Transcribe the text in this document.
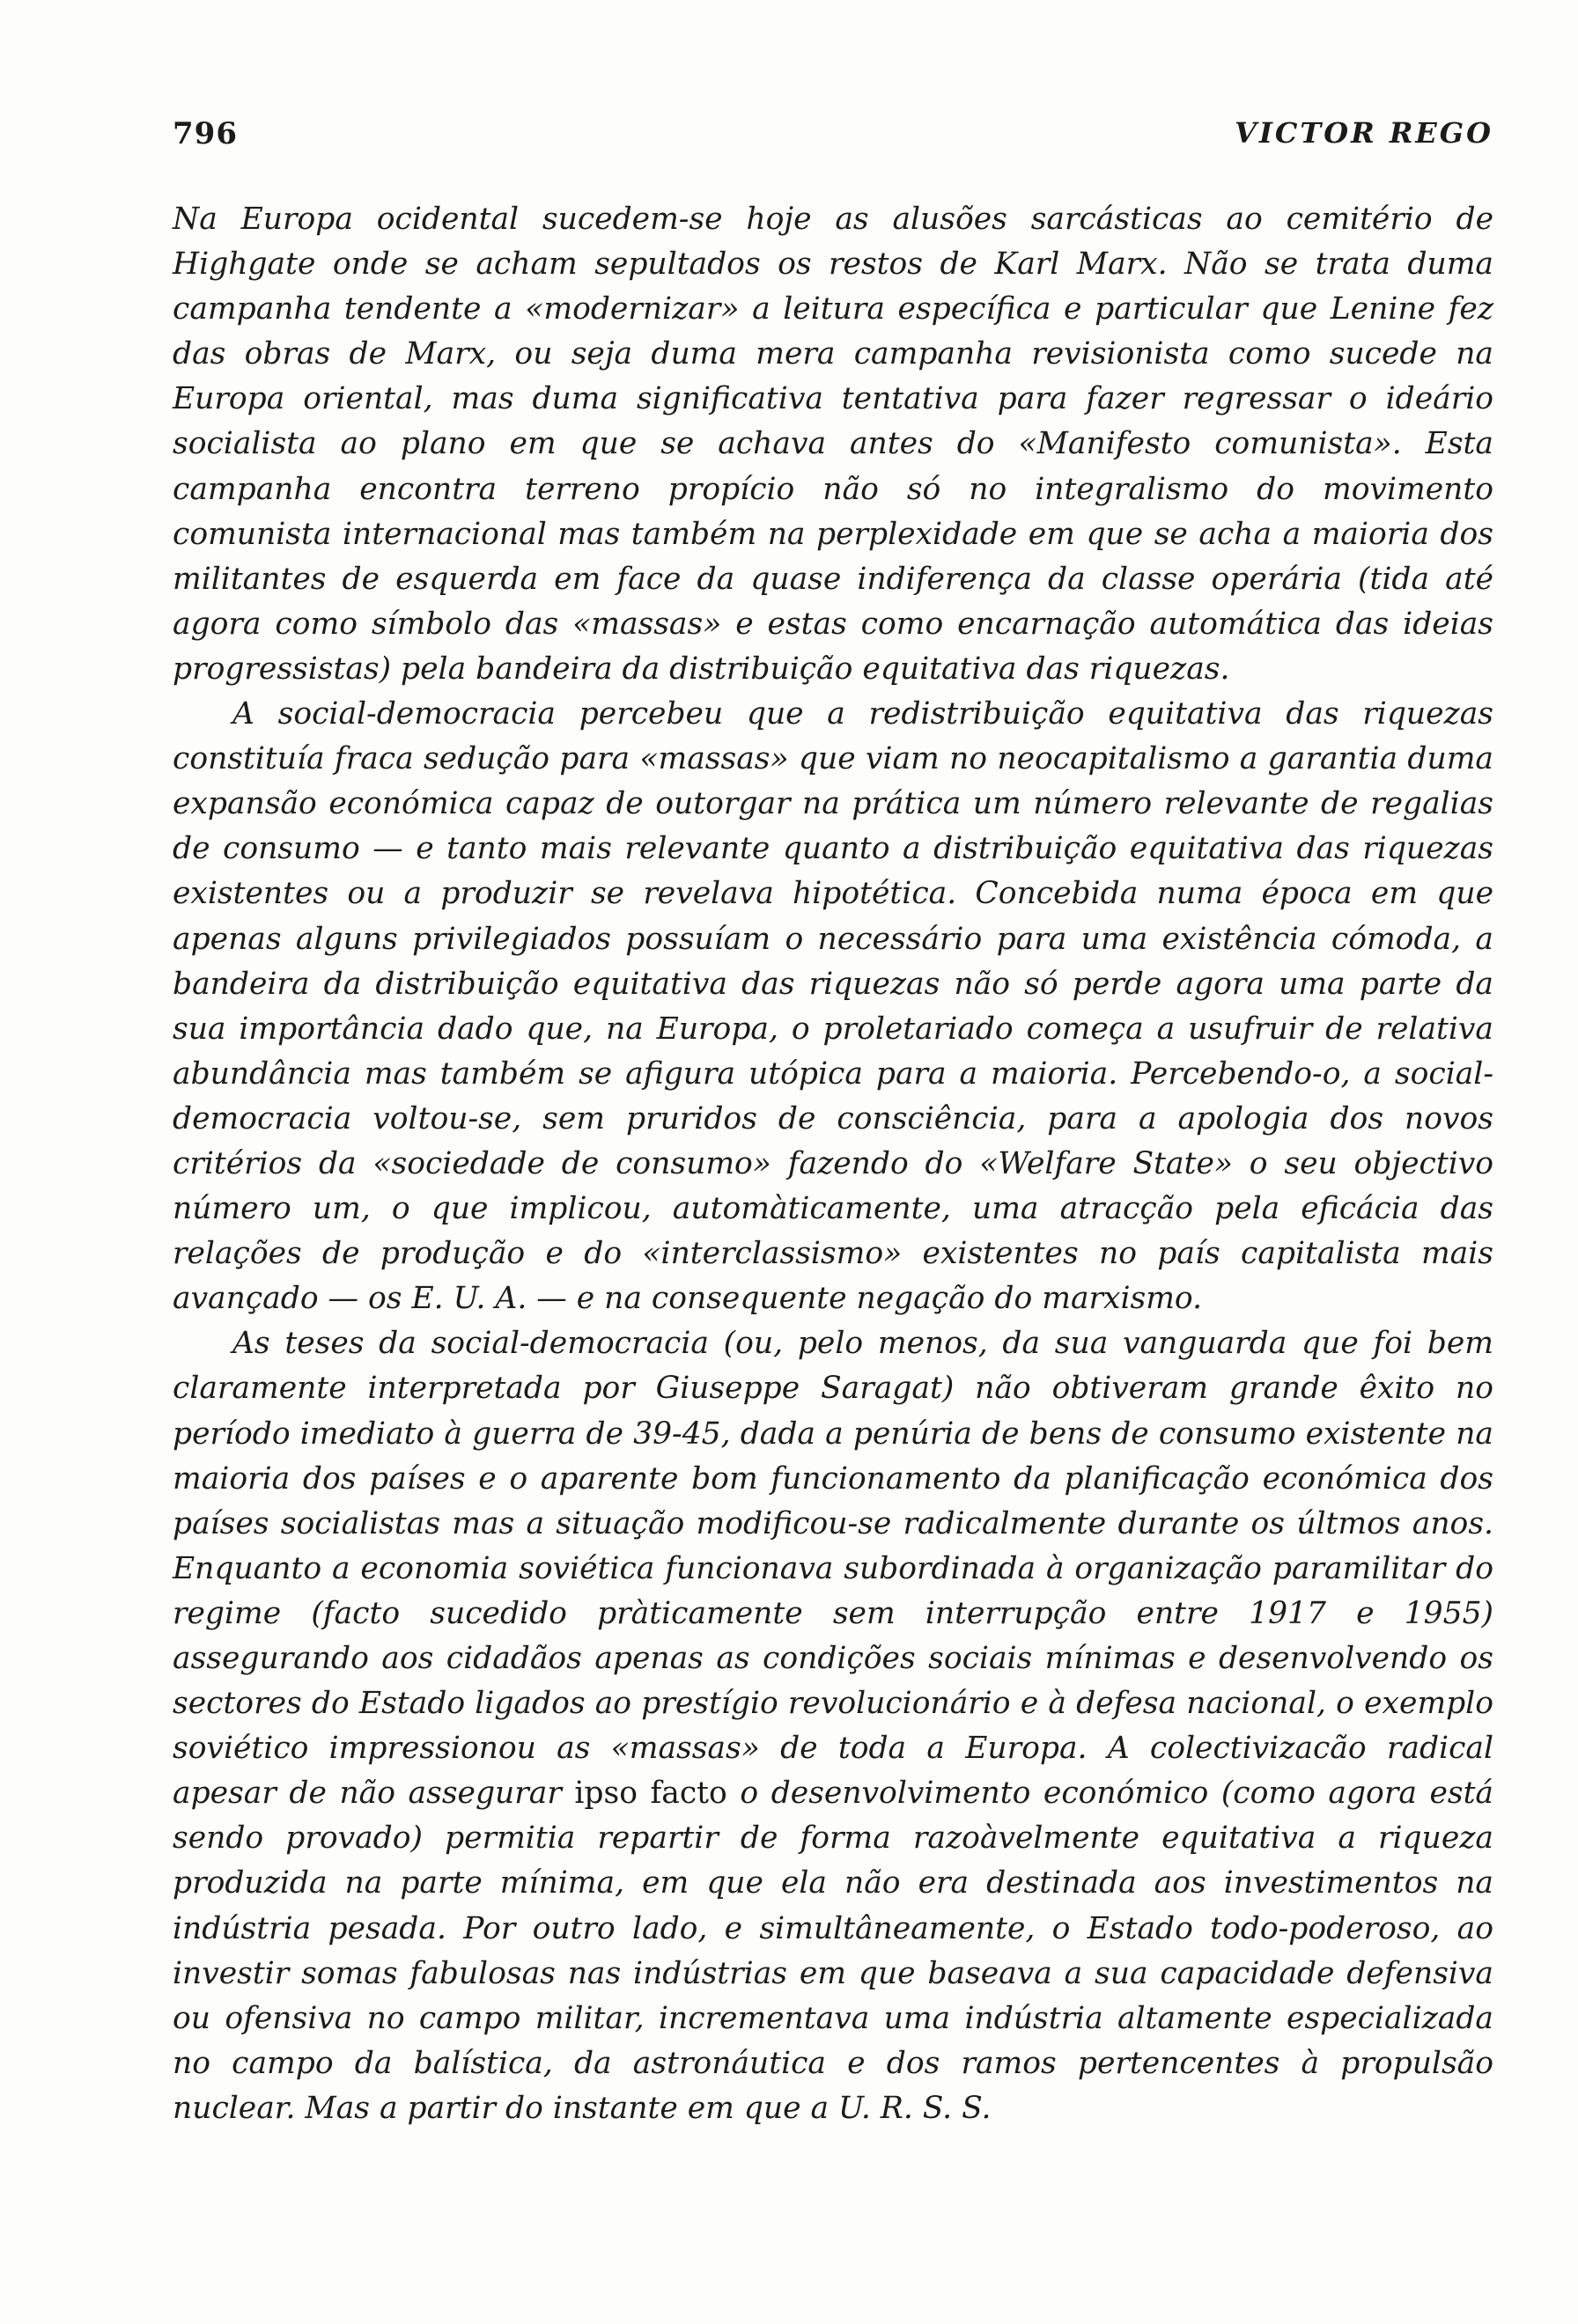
796	VICTOR REGO

Na Europa ocidental sucedem-se hoje as alusões sarcásticas ao cemitério de Highgate onde se acham sepultados os restos de Karl Marx. Não se trata duma campanha tendente a «modernizar» a leitura específica e particular que Lenine fez das obras de Marx, ou seja duma mera campanha revisionista como sucede na Europa oriental, mas duma significativa tentativa para fazer regressar o ideário socialista ao plano em que se achava antes do «Manifesto comunista». Esta campanha encontra terreno propício não só no integralismo do movimento comunista internacional mas também na perplexidade em que se acha a maioria dos militantes de esquerda em face da quase indiferença da classe operária (tida até agora como símbolo das «massas» e estas como encarnação automática das ideias progressistas) pela bandeira da distribuição equitativa das riquezas.

A social-democracia percebeu que a redistribuição equitativa das riquezas constituía fraca sedução para «massas» que viam no neocapitalismo a garantia duma expansão económica capaz de outorgar na prática um número relevante de regalias de consumo — e tanto mais relevante quanto a distribuição equitativa das riquezas existentes ou a produzir se revelava hipotética. Concebida numa época em que apenas alguns privilegiados possuíam o necessário para uma existência cómoda, a bandeira da distribuição equitativa das riquezas não só perde agora uma parte da sua importância dado que, na Europa, o proletariado começa a usufruir de relativa abundância mas também se afigura utópica para a maioria. Percebendo-o, a social-democracia voltou-se, sem pruridos de consciência, para a apologia dos novos critérios da «sociedade de consumo» fazendo do «Welfare State» o seu objectivo número um, o que implicou, automàticamente, uma atracção pela eficácia das relações de produção e do «interclassismo» existentes no país capitalista mais avançado — os E. U. A. — e na consequente negação do marxismo.

As teses da social-democracia (ou, pelo menos, da sua vanguarda que foi bem claramente interpretada por Giuseppe Saragat) não obtiveram grande êxito no período imediato à guerra de 39-45, dada a penúria de bens de consumo existente na maioria dos países e o aparente bom funcionamento da planificação económica dos países socialistas mas a situação modificou-se radicalmente durante os últmos anos. Enquanto a economia soviética funcionava subordinada à organização paramilitar do regime (facto sucedido pràticamente sem interrupção entre 1917 e 1955) assegurando aos cidadãos apenas as condições sociais mínimas e desenvolvendo os sectores do Estado ligados ao prestígio revolucionário e à defesa nacional, o exemplo soviético impressionou as «massas» de toda a Europa. A colectivizacão radical apesar de não assegurar ipso facto o desenvolvimento económico (como agora está sendo provado) permitia repartir de forma razoàvelmente equitativa a riqueza produzida na parte mínima, em que ela não era destinada aos investimentos na indústria pesada. Por outro lado, e simultâneamente, o Estado todo-poderoso, ao investir somas fabulosas nas indústrias em que baseava a sua capacidade defensiva ou ofensiva no campo militar, incrementava uma indústria altamente especializada no campo da balística, da astronáutica e dos ramos pertencentes à propulsão nuclear. Mas a partir do instante em que a U. R. S. S.
